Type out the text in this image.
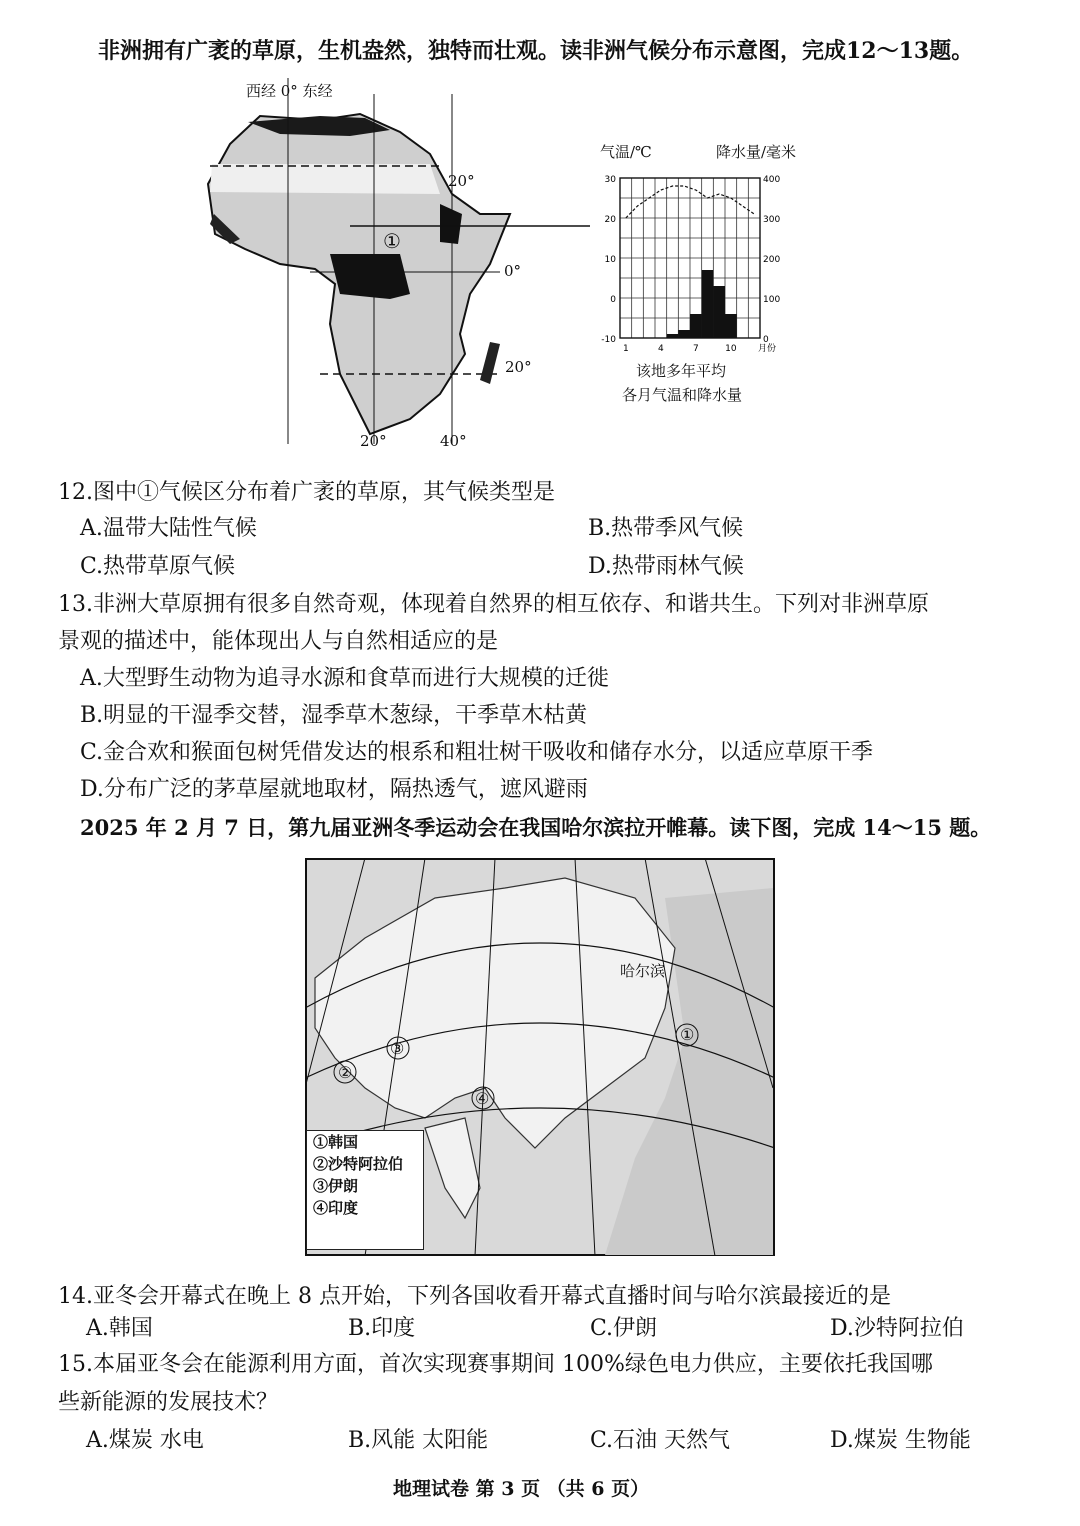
非洲拥有广袤的草原，生机盎然，独特而壮观。读非洲气候分布示意图，完成12～13题。
西经 0° 东经
20°
0°
20°
20°	40°
①
气温/℃	降水量/毫米
30
20
10
0
-10
400
300
200
100
0
1	4	7	10 月份
该地多年平均
各月气温和降水量
12.图中①气候区分布着广袤的草原，其气候类型是
A.温带大陆性气候	B.热带季风气候
C.热带草原气候	D.热带雨林气候
13.非洲大草原拥有很多自然奇观，体现着自然界的相互依存、和谐共生。下列对非洲草原
景观的描述中，能体现出人与自然相适应的是
A.大型野生动物为追寻水源和食草而进行大规模的迁徙
B.明显的干湿季交替，湿季草木葱绿，干季草木枯黄
C.金合欢和猴面包树凭借发达的根系和粗壮树干吸收和储存水分，以适应草原干季
D.分布广泛的茅草屋就地取材，隔热透气，遮风避雨
2025 年 2 月 7 日，第九届亚洲冬季运动会在我国哈尔滨拉开帷幕。读下图，完成 14～15 题。
哈尔滨
①
②
③
④
①韩国
②沙特阿拉伯
③伊朗
④印度
14.亚冬会开幕式在晚上 8 点开始，下列各国收看开幕式直播时间与哈尔滨最接近的是
A.韩国	B.印度	C.伊朗	D.沙特阿拉伯
15.本届亚冬会在能源利用方面，首次实现赛事期间 100%绿色电力供应，主要依托我国哪
些新能源的发展技术？
A.煤炭 水电	B.风能 太阳能	C.石油 天然气	D.煤炭 生物能
地理试卷 第 3 页 （共 6 页）
